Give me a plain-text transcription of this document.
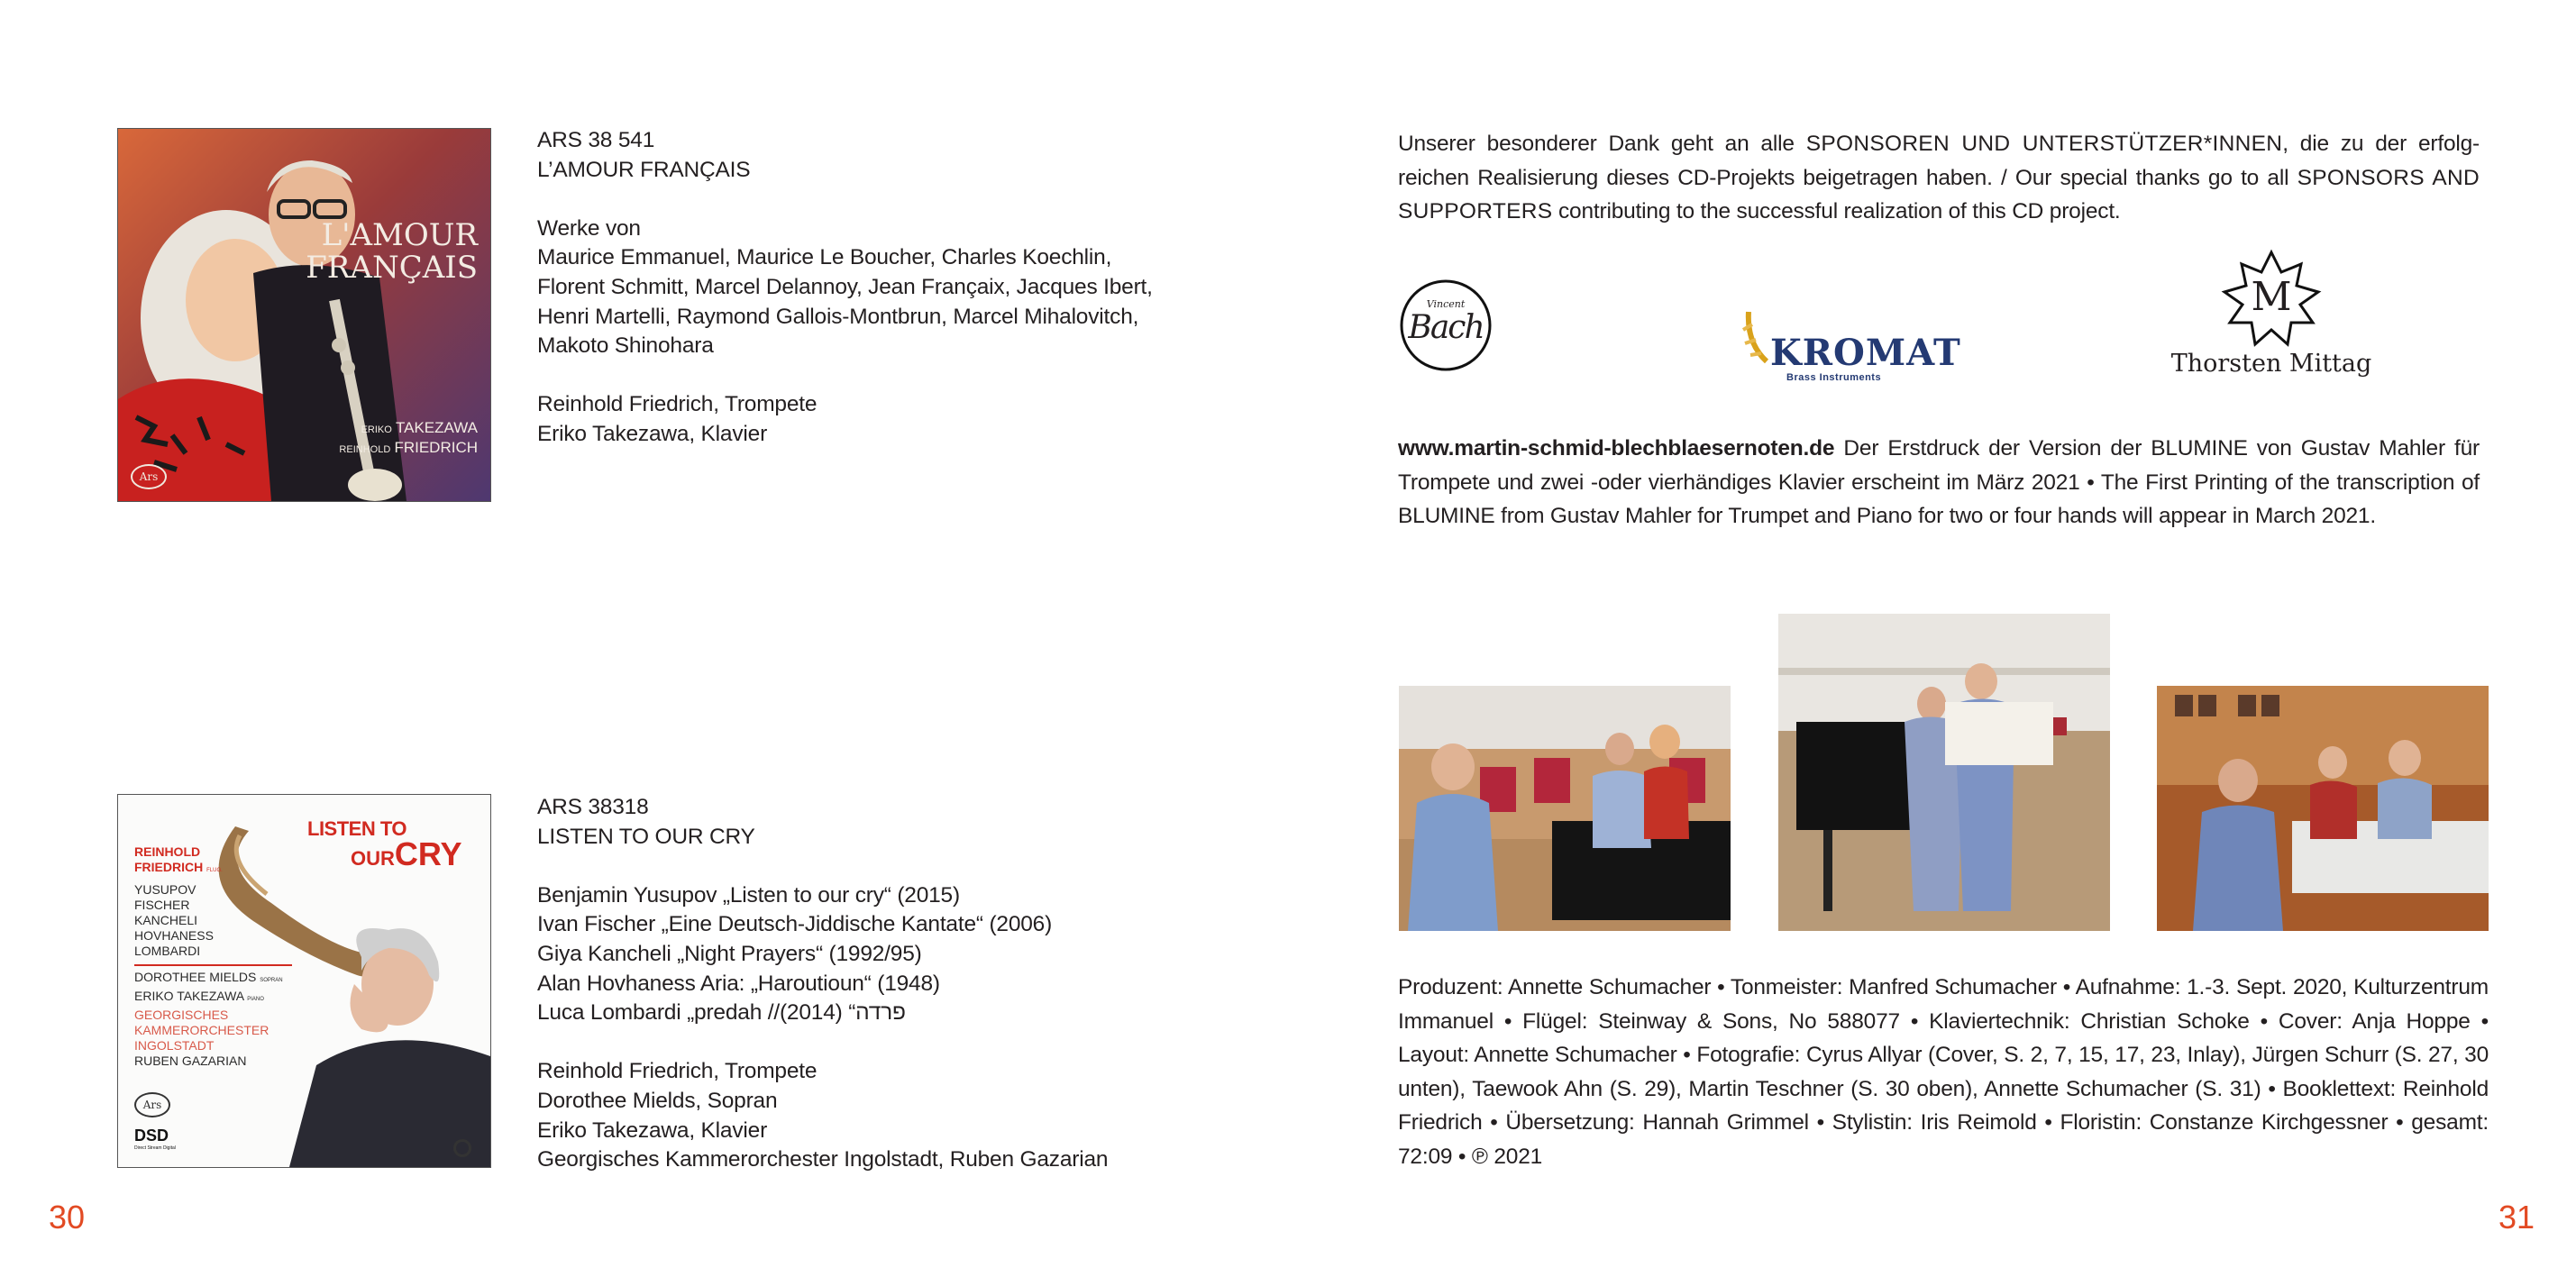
L'AMOUR
FRANÇAIS
ERIKO TAKEZAWA
REINHOLD FRIEDRICH
Ars

ARS 38 541

L’AMOUR FRANÇAIS

Werke von
Maurice Emmanuel, Maurice Le Boucher, Charles Koechlin,
Florent Schmitt, Marcel Delannoy, Jean Françaix, Jacques Ibert,
Henri Martelli, Raymond Gallois-Montbrun, Marcel Mihalovitch,
Makoto Shinohara
Reinhold Friedrich, Trompete
Eriko Takezawa, Klavier
LISTEN TO
OURCRY
REINHOLD
FRIEDRICH FLUG.
YUSUPOV
FISCHER
KANCHELI
HOVHANESS
LOMBARDI
DOROTHEE MIELDS SOPRAN
ERIKO TAKEZAWA PIANO
GEORGISCHES
KAMMERORCHESTER
INGOLSTADT
RUBEN GAZARIAN
Ars
DSD
Direct Stream Digital

ARS 38318

LISTEN TO OUR CRY

Benjamin Yusupov „Listen to our cry“ (2015)
Ivan Fischer „Eine Deutsch-Jiddische Kantate“ (2006)
Giya Kancheli „Night Prayers“ (1992/95)
Alan Hovhaness Aria: „Haroutioun“ (1948)
Luca Lombardi „predah //פרדה“ (2014)
Reinhold Friedrich, Trompete
Dorothee Mields, Sopran
Eriko Takezawa, Klavier
Georgisches Kammerorchester Ingolstadt, Ruben Gazarian
30
Unserer besonderer Dank geht an alle SPONSOREN UND UNTERSTÜTZER*INNEN, die zu der erfolg-
reichen Realisierung dieses CD-Projekts beigetragen haben. / Our special thanks go to all SPONSORS AND
SUPPORTERS contributing to the successful realization of this CD project.
Vincent
Bach
KROMAT
Brass Instruments
M
Thorsten Mittag
www.martin-schmid-blechblaesernoten.de Der Erstdruck der Version der BLUMINE von Gustav Mahler für
Trompete und zwei -oder vierhändiges Klavier erscheint im März 2021 • The First Printing of the transcription of
BLUMINE from Gustav Mahler for Trumpet and Piano for two or four hands will appear in March 2021.
Produzent: Annette Schumacher • Tonmeister: Manfred Schumacher • Aufnahme: 1.-3. Sept. 2020, Kulturzentrum
Immanuel • Flügel: Steinway & Sons, No 588077 • Klaviertechnik: Christian Schoke • Cover: Anja Hoppe •
Layout: Annette Schumacher • Fotografie: Cyrus Allyar (Cover, S. 2, 7, 15, 17, 23, Inlay), Jürgen Schurr (S. 27, 30
unten), Taewook Ahn (S. 29), Martin Teschner (S. 30 oben), Annette Schumacher (S. 31) • Booklettext: Reinhold
Friedrich • Übersetzung: Hannah Grimmel • Stylistin: Iris Reimold • Floristin: Constanze Kirchgessner • gesamt:
72:09 • ℗ 2021
31
